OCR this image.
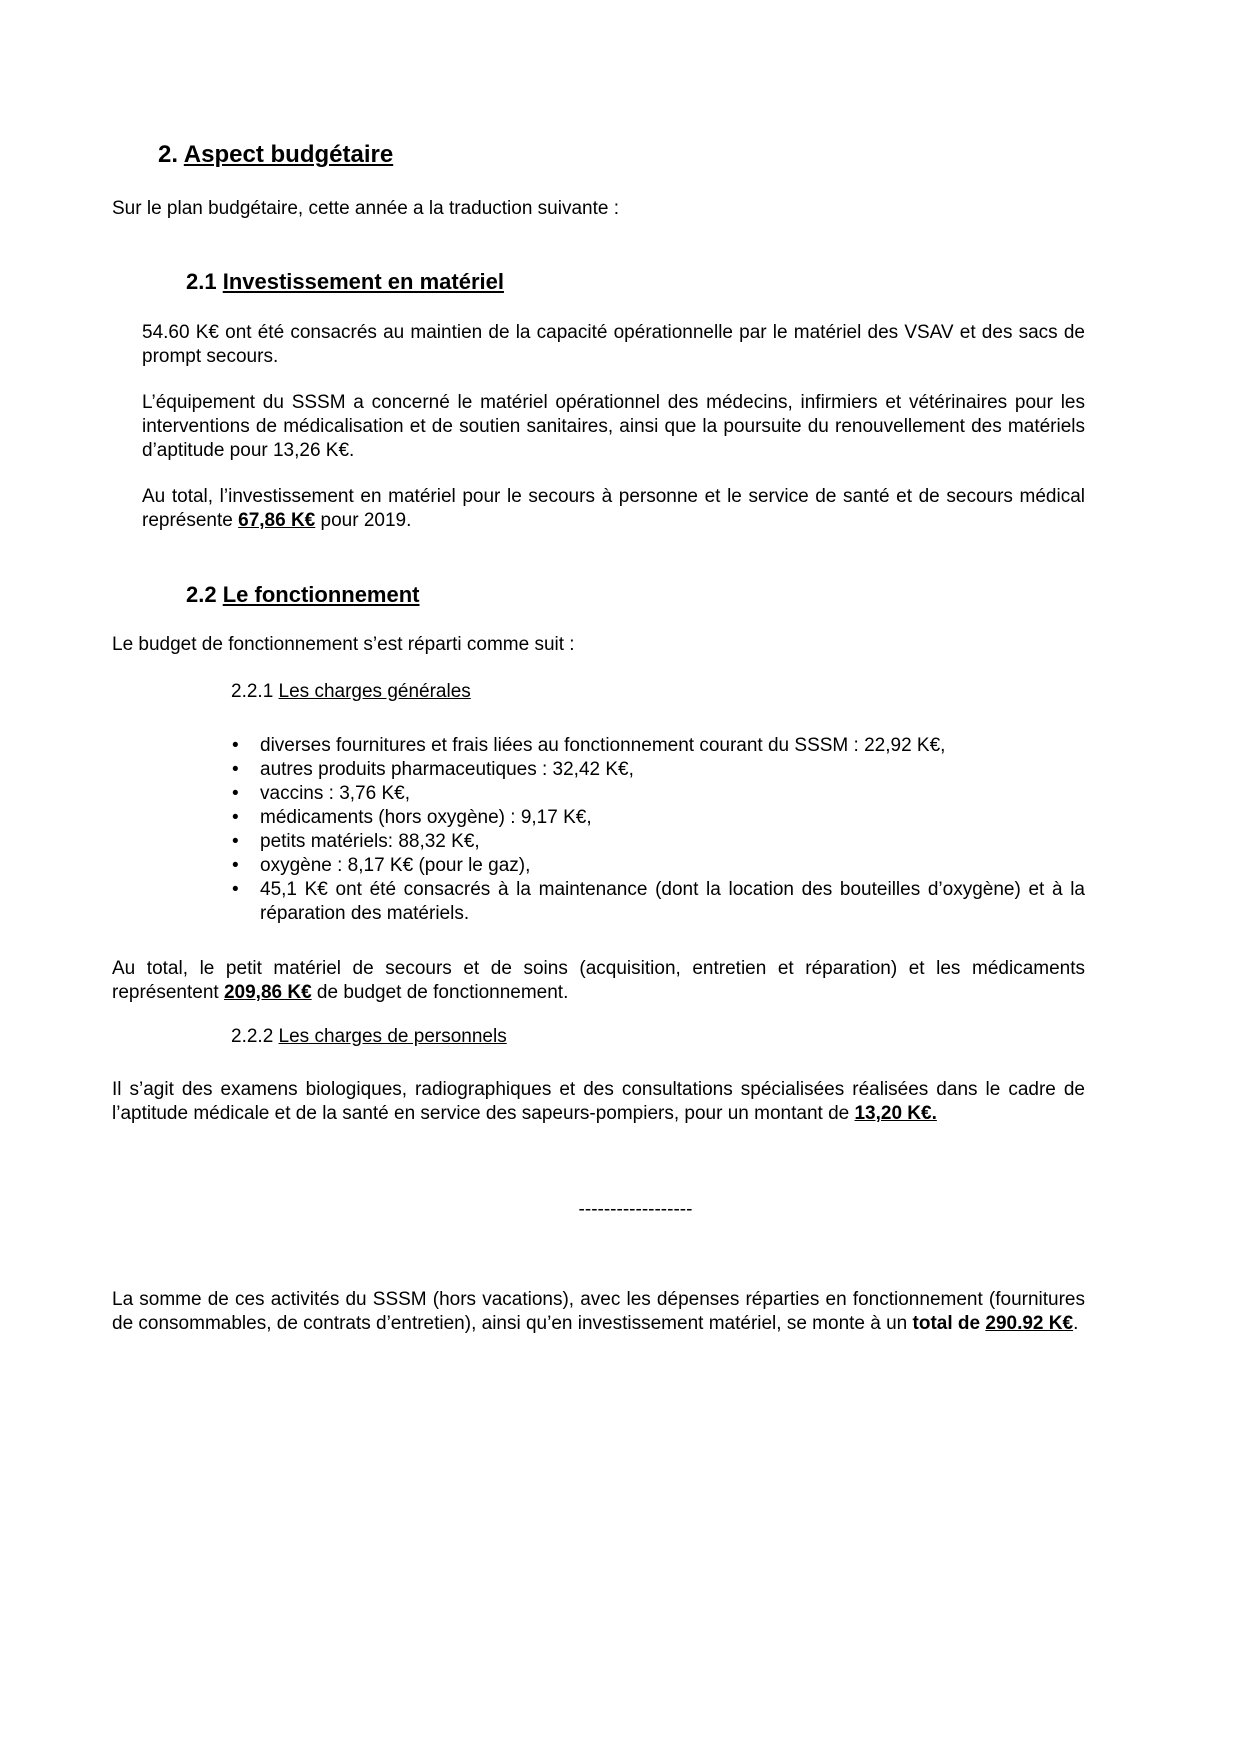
2. Aspect budgétaire

Sur le plan budgétaire, cette année a la traduction suivante :

2.1 Investissement en matériel

54.60 K€ ont été consacrés au maintien de la capacité opérationnelle par le matériel des VSAV et des sacs de prompt secours.

L’équipement du SSSM a concerné le matériel opérationnel des médecins, infirmiers et vétérinaires pour les interventions de médicalisation et de soutien sanitaires, ainsi que la poursuite du renouvellement des matériels d’aptitude pour 13,26 K€.

Au total, l’investissement en matériel pour le secours à personne et le service de santé et de secours médical représente 67,86 K€ pour 2019.

2.2 Le fonctionnement

Le budget de fonctionnement s’est réparti comme suit :

2.2.1 Les charges générales
• diverses fournitures et frais liées au fonctionnement courant du SSSM : 22,92 K€,
• autres produits pharmaceutiques : 32,42 K€,
• vaccins : 3,76 K€,
• médicaments (hors oxygène) : 9,17 K€,
• petits matériels: 88,32 K€,
• oxygène : 8,17 K€ (pour le gaz),
• 45,1 K€ ont été consacrés à la maintenance (dont la location des bouteilles d’oxygène) et à la réparation des matériels.

Au total, le petit matériel de secours et de soins (acquisition, entretien et réparation) et les médicaments représentent 209,86 K€ de budget de fonctionnement.

2.2.2 Les charges de personnels

Il s’agit des examens biologiques, radiographiques et des consultations spécialisées réalisées dans le cadre de l’aptitude médicale et de la santé en service des sapeurs-pompiers, pour un montant de 13,20 K€.

------------------

La somme de ces activités du SSSM (hors vacations), avec les dépenses réparties en fonctionnement (fournitures de consommables, de contrats d’entretien), ainsi qu’en investissement matériel, se monte à un total de 290.92 K€.
